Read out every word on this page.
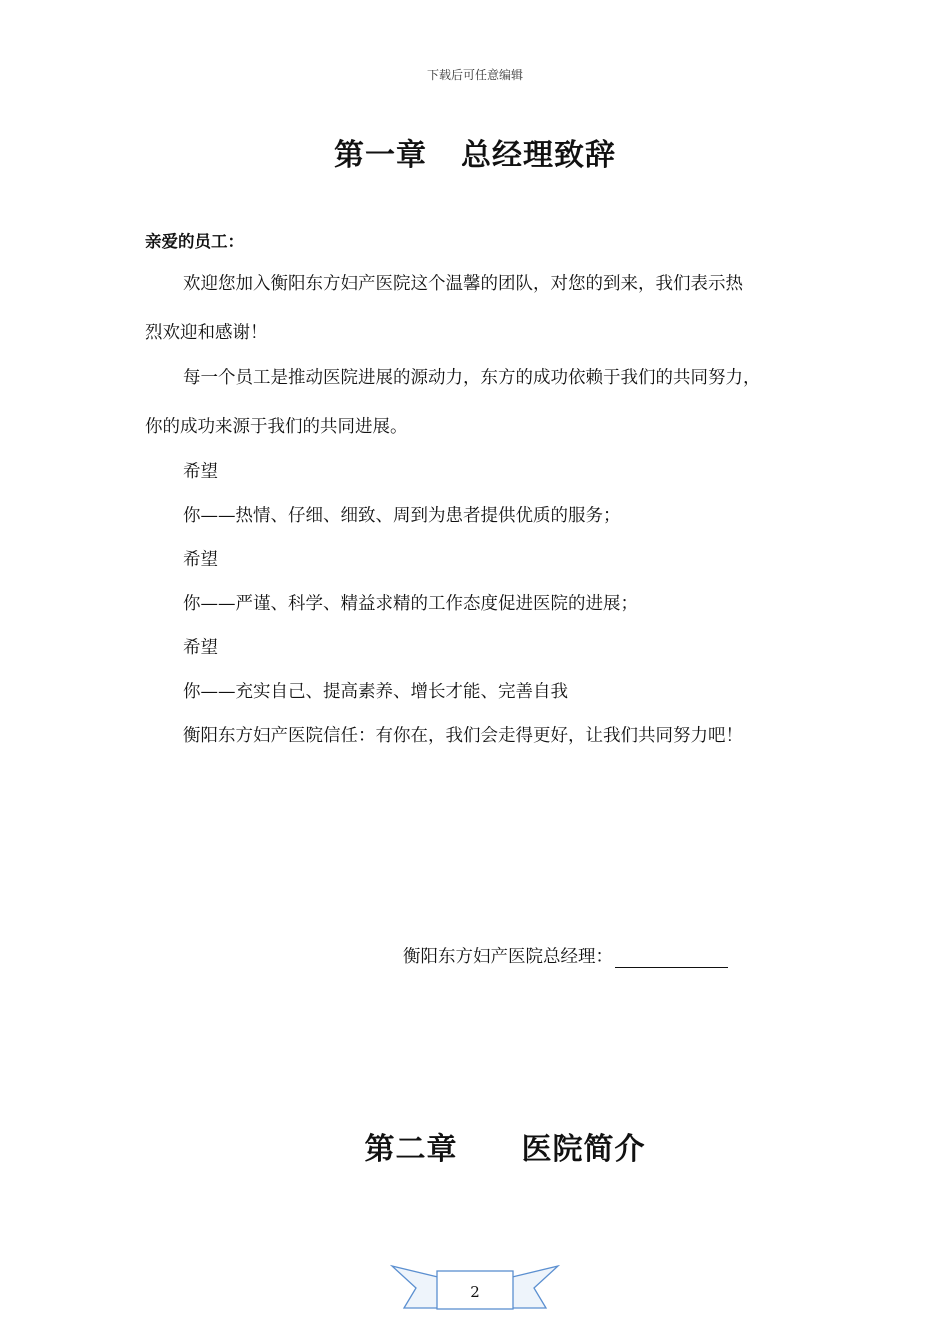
下载后可任意编辑
第一章 总经理致辞
亲爱的员工：
欢迎您加入衡阳东方妇产医院这个温馨的团队，对您的到来，我们表示热
烈欢迎和感谢！
每一个员工是推动医院进展的源动力，东方的成功依赖于我们的共同努力，
你的成功来源于我们的共同进展。
希望
你——热情、仔细、细致、周到为患者提供优质的服务；
希望
你——严谨、科学、精益求精的工作态度促进医院的进展；
希望
你——充实自己、提高素养、增长才能、完善自我
衡阳东方妇产医院信任：有你在，我们会走得更好，让我们共同努力吧！
衡阳东方妇产医院总经理：
第二章 医院简介
2
